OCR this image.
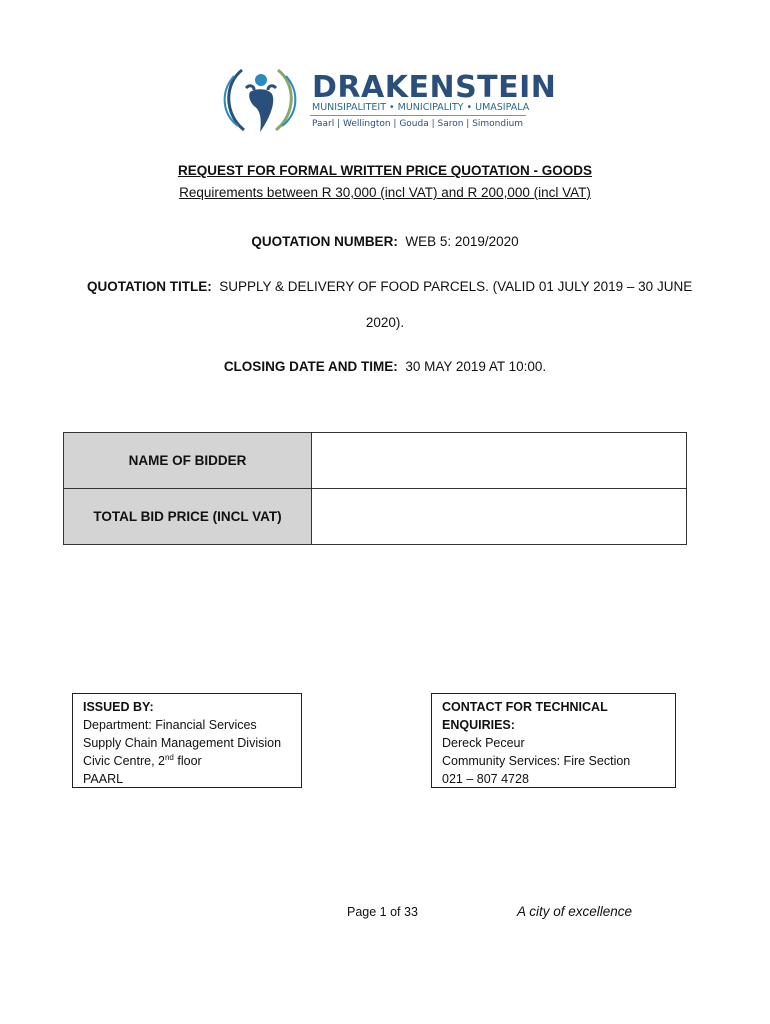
DRAKENSTEIN
MUNISIPALITEIT • MUNICIPALITY • UMASIPALA
Paarl | Wellington | Gouda | Saron | Simondium
REQUEST FOR FORMAL WRITTEN PRICE QUOTATION - GOODS
Requirements between R 30,000 (incl VAT) and R 200,000 (incl VAT)
QUOTATION NUMBER: WEB 5: 2019/2020
QUOTATION TITLE: SUPPLY & DELIVERY OF FOOD PARCELS. (VALID 01 JULY 2019 – 30 JUNE
2020).
CLOSING DATE AND TIME: 30 MAY 2019 AT 10:00.
NAME OF BIDDER	
TOTAL BID PRICE (INCL VAT)	
ISSUED BY:
Department: Financial Services
Supply Chain Management Division
Civic Centre, 2nd floor
PAARL
CONTACT FOR TECHNICAL ENQUIRIES:
Dereck Peceur
Community Services: Fire Section
021 – 807 4728
Page 1 of 33	A city of excellence
